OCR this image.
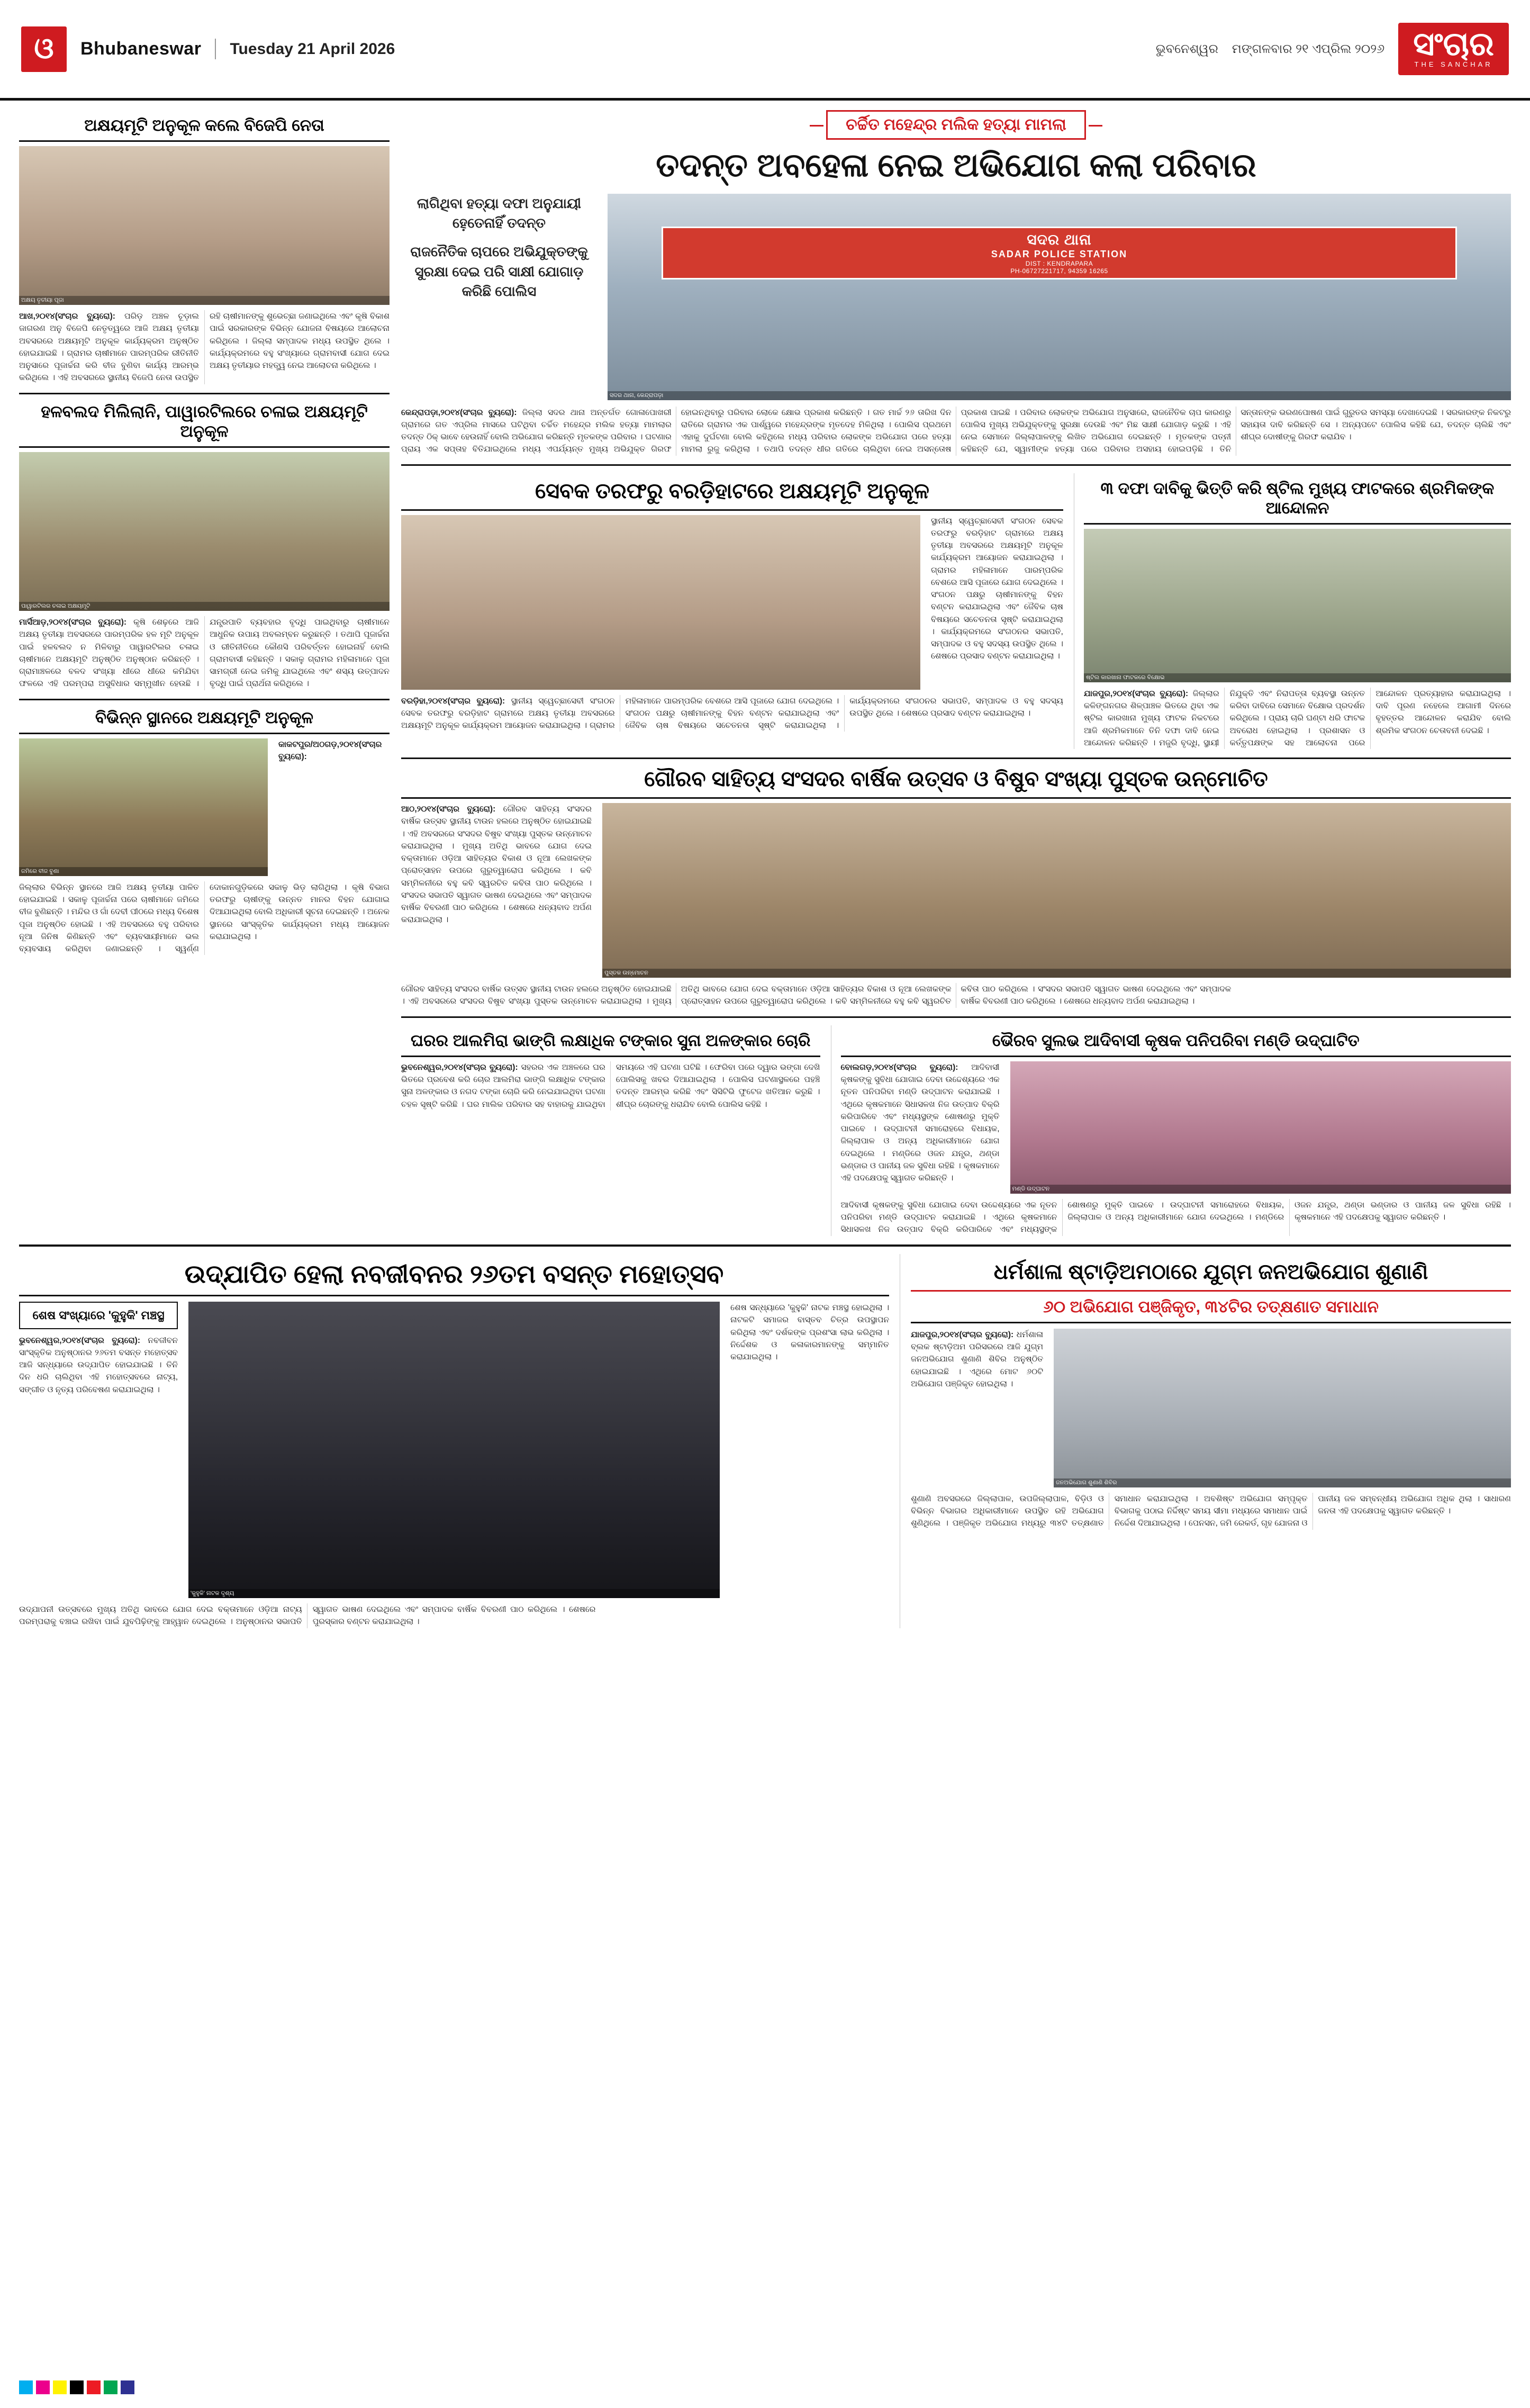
ଓ	Bhubaneswar	Tuesday 21 April 2026	ଭୁବନେଶ୍ୱର ମଙ୍ଗଳବାର ୨୧ ଏପ୍ରିଲ ୨୦୨୬ ସଂଚାର
THE SANCHAR
ଅକ୍ଷୟମୂଟି ଅନୁକୂଳ କଲେ ବିଜେପି ନେତା
ଅକ୍ଷୟ ତୃତୀୟା ପୂଜା
ଆଖ,୨୦୧୪(ସଂଚାର ବ୍ୟୁରୋ): ପରିଡ଼ ଅଞ୍ଚଳ ଚୂଡ଼ାଲ ଜାଗରଣ ଅନୁ ବିଜେପି ନେତୃତ୍ୱରେ ଆଜି ଅକ୍ଷୟ ତୃତୀୟା ଅବସରରେ ଅକ୍ଷୟମୂଟି ଅନୁକୂଳ କାର୍ଯ୍ୟକ୍ରମ ଅନୁଷ୍ଠିତ ହୋଇଯାଇଛି । ଗ୍ରାମର ଚାଷୀମାନେ ପାରମ୍ପରିକ ରୀତିନୀତି ଅନୁସାରେ ପୂଜାର୍ଚ୍ଚନା କରି ବୀଜ ବୁଣିବା କାର୍ଯ୍ୟ ଆରମ୍ଭ କରିଥିଲେ । ଏହି ଅବସରରେ ସ୍ଥାନୀୟ ବିଜେପି ନେତା ଉପସ୍ଥିତ ରହି ଚାଷୀମାନଙ୍କୁ ଶୁଭେଚ୍ଛା ଜଣାଇଥିଲେ ଏବଂ କୃଷି ବିକାଶ ପାଇଁ ସରକାରଙ୍କ ବିଭିନ୍ନ ଯୋଜନା ବିଷୟରେ ଆଲୋଚନା କରିଥିଲେ । ଜିଲ୍ଲା ସମ୍ପାଦକ ମଧ୍ୟ ଉପସ୍ଥିତ ଥିଲେ । କାର୍ଯ୍ୟକ୍ରମରେ ବହୁ ସଂଖ୍ୟାରେ ଗ୍ରାମବାସୀ ଯୋଗ ଦେଇ ଅକ୍ଷୟ ତୃତୀୟାର ମହତ୍ତ୍ୱ ନେଇ ଆଲୋଚନା କରିଥିଲେ ।
ହଳବଲଦ ମିଲିଲାନି, ପାୱାରଟିଲରେ ଚଳାଇ ଅକ୍ଷୟମୂଟି ଅନୁକୂଳ
ପାୱାରଟିଲର ଚଳାଇ ଅକ୍ଷୟମୂଟି
ମାର୍ସିଆଡ଼,୨୦୧୪(ସଂଚାର ବ୍ୟୁରୋ): କୃଷି ଶେଢ଼ରେ ଆଜି ଅକ୍ଷୟ ତୃତୀୟା ଅବସରରେ ପାରମ୍ପରିକ ହଳ ମୂଟି ଅନୁକୂଳ ପାଇଁ ହଳବଲଦ ନ ମିଳିବାରୁ ପାୱାରଟିଲର ଚଳାଇ ଚାଷୀମାନେ ଅକ୍ଷୟମୂଟି ଅନୁଷ୍ଠିତ ଅନୁଷ୍ଠାନ କରିଛନ୍ତି । ଗ୍ରାମାଞ୍ଚଳରେ ବଳଦ ସଂଖ୍ୟା ଧୀରେ ଧୀରେ କମିଯିବା ଫଳରେ ଏହି ପରମ୍ପରା ଅସୁବିଧାର ସମ୍ମୁଖୀନ ହେଉଛି । ଯନ୍ତ୍ରପାତି ବ୍ୟବହାର ବୃଦ୍ଧି ପାଇଥିବାରୁ ଚାଷୀମାନେ ଆଧୁନିକ ଉପାୟ ଅବଲମ୍ବନ କରୁଛନ୍ତି । ତଥାପି ପୂଜାର୍ଚ୍ଚନା ଓ ରୀତିନୀତିରେ କୌଣସି ପରିବର୍ତ୍ତନ ହୋଇନାହିଁ ବୋଲି ଗ୍ରାମବାସୀ କହିଛନ୍ତି । ସକାଳୁ ଗ୍ରାମର ମହିଳାମାନେ ପୂଜା ସାମଗ୍ରୀ ନେଇ ଜମିକୁ ଯାଇଥିଲେ ଏବଂ ଶସ୍ୟ ଉତ୍ପାଦନ ବୃଦ୍ଧି ପାଇଁ ପ୍ରାର୍ଥନା କରିଥିଲେ ।
ବିଭିନ୍ନ ସ୍ଥାନରେ ଅକ୍ଷୟମୂଟି ଅନୁକୂଳ
ଜମିରେ ବୀଜ ବୁଣା
କାକଟପୁର/ଅଠଗଡ଼,୨୦୧୪(ସଂଚାର ବ୍ୟୁରୋ):
ଜିଲ୍ଲାର ବିଭିନ୍ନ ସ୍ଥାନରେ ଆଜି ଅକ୍ଷୟ ତୃତୀୟା ପାଳିତ ହୋଇଯାଇଛି । ସକାଳୁ ପୂଜାର୍ଚ୍ଚନା ପରେ ଚାଷୀମାନେ ଜମିରେ ବୀଜ ବୁଣିଛନ୍ତି । ମନ୍ଦିର ଓ ଗାଁ ଦେବୀ ପୀଠରେ ମଧ୍ୟ ବିଶେଷ ପୂଜା ଅନୁଷ୍ଠିତ ହୋଇଛି । ଏହି ଅବସରରେ ବହୁ ପରିବାର ନୂଆ ଜିନିଷ କିଣିଛନ୍ତି ଏବଂ ବ୍ୟବସାୟୀମାନେ ଭଲ ବ୍ୟବସାୟ କରିଥିବା ଜଣାଇଛନ୍ତି । ସ୍ୱର୍ଣ୍ଣ ଦୋକାନଗୁଡ଼ିକରେ ସକାଳୁ ଭିଡ଼ ଲାଗିଥିଲା । କୃଷି ବିଭାଗ ତରଫରୁ ଚାଷୀଙ୍କୁ ଉନ୍ନତ ମାନର ବିହନ ଯୋଗାଇ ଦିଆଯାଇଥିଲା ବୋଲି ଅଧିକାରୀ ସୂଚନା ଦେଇଛନ୍ତି । ଅନେକ ସ୍ଥାନରେ ସାଂସ୍କୃତିକ କାର୍ଯ୍ୟକ୍ରମ ମଧ୍ୟ ଆୟୋଜନ କରାଯାଇଥିଲା ।
ଚର୍ଚ୍ଚିତ ମହେନ୍ଦ୍ର ମଲିକ ହତ୍ୟା ମାମଲା
ତଦନ୍ତ ଅବହେଳା ନେଇ ଅଭିଯୋଗ କଲା ପରିବାର
ଲାଗିଥିବା ହତ୍ୟା ଦଫା ଅନୁଯାୟୀ ହେତେ଼ନାହିଁ ତଦନ୍ତ
ରାଜନୈତିକ ଚାପରେ ଅଭିଯୁକ୍ତଙ୍କୁ ସୁରକ୍ଷା ଦେଇ ପରି ସାକ୍ଷୀ ଯୋଗାଡ଼ କରିଛି ପୋଲିସ
ସଦର ଥାନା
SADAR POLICE STATION
DIST : KENDRAPARA
PH-06727221717, 94359 16265
ସଦର ଥାନା, କେନ୍ଦ୍ରାପଡ଼ା
କେନ୍ଦ୍ରାପଡ଼ା,୨୦୧୪(ସଂଚାର ବ୍ୟୁରୋ): ଜିଲ୍ଲା ସଦର ଥାନା ଅନ୍ତର୍ଗତ ଗୋଳାପୋଖରୀ ଗ୍ରାମରେ ଗତ ଏପ୍ରିଲ ମାସରେ ଘଟିଥିବା ଚର୍ଚ୍ଚିତ ମହେନ୍ଦ୍ର ମଲିକ ହତ୍ୟା ମାମଲାର ତଦନ୍ତ ଠିକ୍ ଭାବେ ହେଉନାହିଁ ବୋଲି ଅଭିଯୋଗ କରିଛନ୍ତି ମୃତକଙ୍କ ପରିବାର । ଘଟଣାର ପ୍ରାୟ ଏକ ସପ୍ତାହ ବିତିଯାଇଥିଲେ ମଧ୍ୟ ଏପର୍ଯ୍ୟନ୍ତ ମୁଖ୍ୟ ଅଭିଯୁକ୍ତ ଗିରଫ ହୋଇନଥିବାରୁ ପରିବାର ଲୋକେ କ୍ଷୋଭ ପ୍ରକାଶ କରିଛନ୍ତି । ଗତ ମାର୍ଚ୍ଚ ୨୬ ତାରିଖ ଦିନ ରାତିରେ ଗ୍ରାମର ଏକ ପାର୍ଶ୍ୱରେ ମହେନ୍ଦ୍ରଙ୍କ ମୃତଦେହ ମିଳିଥିଲା । ପୋଲିସ ପ୍ରଥମେ ଏହାକୁ ଦୁର୍ଘଟଣା ବୋଲି କହିଥିଲେ ମଧ୍ୟ ପରିବାର ଲୋକଙ୍କ ଅଭିଯୋଗ ପରେ ହତ୍ୟା ମାମଲା ରୁଜୁ କରିଥିଲା । ତଥାପି ତଦନ୍ତ ଧୀର ଗତିରେ ଚାଲିଥିବା ନେଇ ଅସନ୍ତୋଷ ପ୍ରକାଶ ପାଇଛି । ପରିବାର ଲୋକଙ୍କ ଅଭିଯୋଗ ଅନୁସାରେ, ରାଜନୈତିକ ଚାପ କାରଣରୁ ପୋଲିସ ମୁଖ୍ୟ ଅଭିଯୁକ୍ତଙ୍କୁ ସୁରକ୍ଷା ଦେଉଛି ଏବଂ ମିଛ ସାକ୍ଷୀ ଯୋଗାଡ଼ କରୁଛି । ଏହି ନେଇ ସେମାନେ ଜିଲ୍ଲାପାଳଙ୍କୁ ଲିଖିତ ଅଭିଯୋଗ ଦେଇଛନ୍ତି । ମୃତକଙ୍କ ପତ୍ନୀ କହିଛନ୍ତି ଯେ, ସ୍ୱାମୀଙ୍କ ହତ୍ୟା ପରେ ପରିବାର ଅସହାୟ ହୋଇପଡ଼ିଛି । ତିନି ସନ୍ତାନଙ୍କ ଭରଣପୋଷଣ ପାଇଁ ଗୁରୁତର ସମସ୍ୟା ଦେଖାଦେଇଛି । ସରକାରଙ୍କ ନିକଟରୁ ସହାୟତା ଦାବି କରିଛନ୍ତି ସେ । ଅନ୍ୟପଟେ ପୋଲିସ କହିଛି ଯେ, ତଦନ୍ତ ଚାଲିଛି ଏବଂ ଶୀଘ୍ର ଦୋଷୀଙ୍କୁ ଗିରଫ କରାଯିବ ।
ସେବକ ତରଫରୁ ବରଡ଼ିହାଟରେ ଅକ୍ଷୟମୂଟି ଅନୁକୂଳ
ସ୍ଥାନୀୟ ସ୍ୱେଚ୍ଛାସେବୀ ସଂଗଠନ ସେବକ ତରଫରୁ ବରଡ଼ିହାଟ ଗ୍ରାମରେ ଅକ୍ଷୟ ତୃତୀୟା ଅବସରରେ ଅକ୍ଷୟମୂଟି ଅନୁକୂଳ କାର୍ଯ୍ୟକ୍ରମ ଆୟୋଜନ କରାଯାଇଥିଲା । ଗ୍ରାମର ମହିଳାମାନେ ପାରମ୍ପରିକ ବେଶରେ ଆସି ପୂଜାରେ ଯୋଗ ଦେଇଥିଲେ । ସଂଗଠନ ପକ୍ଷରୁ ଚାଷୀମାନଙ୍କୁ ବିହନ ବଣ୍ଟନ କରାଯାଇଥିଲା ଏବଂ ଜୈବିକ ଚାଷ ବିଷୟରେ ସଚେତନତା ସୃଷ୍ଟି କରାଯାଇଥିଲା । କାର୍ଯ୍ୟକ୍ରମରେ ସଂଗଠନର ସଭାପତି, ସମ୍ପାଦକ ଓ ବହୁ ସଦସ୍ୟ ଉପସ୍ଥିତ ଥିଲେ । ଶେଷରେ ପ୍ରସାଦ ବଣ୍ଟନ କରାଯାଇଥିଲା ।
ବରଡ଼ିହା,୨୦୧୪(ସଂଚାର ବ୍ୟୁରୋ): ସ୍ଥାନୀୟ ସ୍ୱେଚ୍ଛାସେବୀ ସଂଗଠନ ସେବକ ତରଫରୁ ବରଡ଼ିହାଟ ଗ୍ରାମରେ ଅକ୍ଷୟ ତୃତୀୟା ଅବସରରେ ଅକ୍ଷୟମୂଟି ଅନୁକୂଳ କାର୍ଯ୍ୟକ୍ରମ ଆୟୋଜନ କରାଯାଇଥିଲା । ଗ୍ରାମର ମହିଳାମାନେ ପାରମ୍ପରିକ ବେଶରେ ଆସି ପୂଜାରେ ଯୋଗ ଦେଇଥିଲେ । ସଂଗଠନ ପକ୍ଷରୁ ଚାଷୀମାନଙ୍କୁ ବିହନ ବଣ୍ଟନ କରାଯାଇଥିଲା ଏବଂ ଜୈବିକ ଚାଷ ବିଷୟରେ ସଚେତନତା ସୃଷ୍ଟି କରାଯାଇଥିଲା । କାର୍ଯ୍ୟକ୍ରମରେ ସଂଗଠନର ସଭାପତି, ସମ୍ପାଦକ ଓ ବହୁ ସଦସ୍ୟ ଉପସ୍ଥିତ ଥିଲେ । ଶେଷରେ ପ୍ରସାଦ ବଣ୍ଟନ କରାଯାଇଥିଲା ।
୩ ଦଫା ଦାବିକୁ ଭିତ୍ତି କରି ଷ୍ଟିଲ ମୁଖ୍ୟ ଫାଟକରେ ଶ୍ରମିକଙ୍କ ଆନ୍ଦୋଳନ
ଷ୍ଟିଲ କାରଖାନା ଫାଟକରେ ବିକ୍ଷୋଭ
ଯାଜପୁର,୨୦୧୪(ସଂଚାର ବ୍ୟୁରୋ): ଜିଲ୍ଲାର କଳିଙ୍ଗନଗର ଶିଳ୍ପାଞ୍ଚଳ ଭିତରେ ଥିବା ଏକ ଷ୍ଟିଲ କାରଖାନା ମୁଖ୍ୟ ଫାଟକ ନିକଟରେ ଆଜି ଶ୍ରମିକମାନେ ତିନି ଦଫା ଦାବି ନେଇ ଆନ୍ଦୋଳନ କରିଛନ୍ତି । ମଜୁରି ବୃଦ୍ଧି, ସ୍ଥାୟୀ ନିଯୁକ୍ତି ଏବଂ ନିରାପତ୍ତା ବ୍ୟବସ୍ଥା ଉନ୍ନତ କରିବା ଦାବିରେ ସେମାନେ ବିକ୍ଷୋଭ ପ୍ରଦର୍ଶନ କରିଥିଲେ । ପ୍ରାୟ ଚାରି ଘଣ୍ଟା ଧରି ଫାଟକ ଅବରୋଧ ହୋଇଥିଲା । ପ୍ରଶାସନ ଓ କର୍ତ୍ତୃପକ୍ଷଙ୍କ ସହ ଆଲୋଚନା ପରେ ଆନ୍ଦୋଳନ ପ୍ରତ୍ୟାହାର କରାଯାଇଥିଲା । ଦାବି ପୂରଣ ନହେଲେ ଆଗାମୀ ଦିନରେ ବୃହତ୍ତର ଆନ୍ଦୋଳନ କରାଯିବ ବୋଲି ଶ୍ରମିକ ସଂଗଠନ ଚେତାବନୀ ଦେଇଛି ।
ଗୌରବ ସାହିତ୍ୟ ସଂସଦର ବାର୍ଷିକ ଉତ୍ସବ ଓ ବିଷୁବ ସଂଖ୍ୟା ପୁସ୍ତକ ଉନ୍ମୋଚିତ
ଆଠ,୨୦୧୪(ସଂଚାର ବ୍ୟୁରୋ): ଗୌରବ ସାହିତ୍ୟ ସଂସଦର ବାର୍ଷିକ ଉତ୍ସବ ସ୍ଥାନୀୟ ଟାଉନ ହଲରେ ଅନୁଷ୍ଠିତ ହୋଇଯାଇଛି । ଏହି ଅବସରରେ ସଂସଦର ବିଷୁବ ସଂଖ୍ୟା ପୁସ୍ତକ ଉନ୍ମୋଚନ କରାଯାଇଥିଲା । ମୁଖ୍ୟ ଅତିଥି ଭାବରେ ଯୋଗ ଦେଇ ବକ୍ତାମାନେ ଓଡ଼ିଆ ସାହିତ୍ୟର ବିକାଶ ଓ ନୂଆ ଲେଖକଙ୍କ ପ୍ରୋତ୍ସାହନ ଉପରେ ଗୁରୁତ୍ୱାରୋପ କରିଥିଲେ । କବି ସମ୍ମିଳନୀରେ ବହୁ କବି ସ୍ୱରଚିତ କବିତା ପାଠ କରିଥିଲେ । ସଂସଦର ସଭାପତି ସ୍ୱାଗତ ଭାଷଣ ଦେଇଥିଲେ ଏବଂ ସମ୍ପାଦକ ବାର୍ଷିକ ବିବରଣୀ ପାଠ କରିଥିଲେ । ଶେଷରେ ଧନ୍ୟବାଦ ଅର୍ପଣ କରାଯାଇଥିଲା ।
ପୁସ୍ତକ ଉନ୍ମୋଚନ
ଗୌରବ ସାହିତ୍ୟ ସଂସଦର ବାର୍ଷିକ ଉତ୍ସବ ସ୍ଥାନୀୟ ଟାଉନ ହଲରେ ଅନୁଷ୍ଠିତ ହୋଇଯାଇଛି । ଏହି ଅବସରରେ ସଂସଦର ବିଷୁବ ସଂଖ୍ୟା ପୁସ୍ତକ ଉନ୍ମୋଚନ କରାଯାଇଥିଲା । ମୁଖ୍ୟ ଅତିଥି ଭାବରେ ଯୋଗ ଦେଇ ବକ୍ତାମାନେ ଓଡ଼ିଆ ସାହିତ୍ୟର ବିକାଶ ଓ ନୂଆ ଲେଖକଙ୍କ ପ୍ରୋତ୍ସାହନ ଉପରେ ଗୁରୁତ୍ୱାରୋପ କରିଥିଲେ । କବି ସମ୍ମିଳନୀରେ ବହୁ କବି ସ୍ୱରଚିତ କବିତା ପାଠ କରିଥିଲେ । ସଂସଦର ସଭାପତି ସ୍ୱାଗତ ଭାଷଣ ଦେଇଥିଲେ ଏବଂ ସମ୍ପାଦକ ବାର୍ଷିକ ବିବରଣୀ ପାଠ କରିଥିଲେ । ଶେଷରେ ଧନ୍ୟବାଦ ଅର୍ପଣ କରାଯାଇଥିଲା ।
ଘରର ଆଲମିରା ଭାଙ୍ଗି ଲକ୍ଷାଧିକ ଟଙ୍କାର ସୁନା ଅଳଙ୍କାର ଚୋରି
ଭୁବନେଶ୍ୱର,୨୦୧୪(ସଂଚାର ବ୍ୟୁରୋ): ସହରର ଏକ ଅଞ୍ଚଳରେ ଘର ଭିତରେ ପ୍ରବେଶ କରି ଚୋର ଆଲମିରା ଭାଙ୍ଗି ଲକ୍ଷାଧିକ ଟଙ୍କାର ସୁନା ଅଳଙ୍କାର ଓ ନଗଦ ଟଙ୍କା ଚୋରି କରି ନେଇଯାଇଥିବା ଘଟଣା ଚହଳ ସୃଷ୍ଟି କରିଛି । ଘର ମାଲିକ ପରିବାର ସହ ବାହାରକୁ ଯାଇଥିବା ସମୟରେ ଏହି ଘଟଣା ଘଟିଛି । ଫେରିବା ପରେ ଦ୍ୱାର ଭଙ୍ଗା ଦେଖି ପୋଲିସକୁ ଖବର ଦିଆଯାଇଥିଲା । ପୋଲିସ ଘଟଣାସ୍ଥଳରେ ପହଞ୍ଚି ତଦନ୍ତ ଆରମ୍ଭ କରିଛି ଏବଂ ସିସିଟିଭି ଫୁଟେଜ ଖତିଆନ କରୁଛି । ଶୀଘ୍ର ଚୋରଙ୍କୁ ଧରାଯିବ ବୋଲି ପୋଲିସ କହିଛି ।
ଭୈରବ ସୁଲଭ ଆଦିବାସୀ କୃଷକ ପନିପରିବା ମଣ୍ଡି ଉଦ୍‌ଘାଟିତ
ବୋଲଗଡ଼,୨୦୧୪(ସଂଚାର ବ୍ୟୁରୋ): ଆଦିବାସୀ କୃଷକଙ୍କୁ ସୁବିଧା ଯୋଗାଇ ଦେବା ଉଦ୍ଦେଶ୍ୟରେ ଏକ ନୂତନ ପନିପରିବା ମଣ୍ଡି ଉଦ୍‌ଘାଟନ କରାଯାଇଛି । ଏଥିରେ କୃଷକମାନେ ସିଧାସଳଖ ନିଜ ଉତ୍ପାଦ ବିକ୍ରି କରିପାରିବେ ଏବଂ ମଧ୍ୟସ୍ଥଙ୍କ ଶୋଷଣରୁ ମୁକ୍ତି ପାଇବେ । ଉଦ୍‌ଘାଟନୀ ସମାରୋହରେ ବିଧାୟକ, ଜିଲ୍ଲାପାଳ ଓ ଅନ୍ୟ ଅଧିକାରୀମାନେ ଯୋଗ ଦେଇଥିଲେ । ମଣ୍ଡିରେ ଓଜନ ଯନ୍ତ୍ର, ଥଣ୍ଡା ଭଣ୍ଡାର ଓ ପାନୀୟ ଜଳ ସୁବିଧା ରହିଛି । କୃଷକମାନେ ଏହି ପଦକ୍ଷେପକୁ ସ୍ୱାଗତ କରିଛନ୍ତି ।
ମଣ୍ଡି ଉଦ୍‌ଘାଟନ
ଆଦିବାସୀ କୃଷକଙ୍କୁ ସୁବିଧା ଯୋଗାଇ ଦେବା ଉଦ୍ଦେଶ୍ୟରେ ଏକ ନୂତନ ପନିପରିବା ମଣ୍ଡି ଉଦ୍‌ଘାଟନ କରାଯାଇଛି । ଏଥିରେ କୃଷକମାନେ ସିଧାସଳଖ ନିଜ ଉତ୍ପାଦ ବିକ୍ରି କରିପାରିବେ ଏବଂ ମଧ୍ୟସ୍ଥଙ୍କ ଶୋଷଣରୁ ମୁକ୍ତି ପାଇବେ । ଉଦ୍‌ଘାଟନୀ ସମାରୋହରେ ବିଧାୟକ, ଜିଲ୍ଲାପାଳ ଓ ଅନ୍ୟ ଅଧିକାରୀମାନେ ଯୋଗ ଦେଇଥିଲେ । ମଣ୍ଡିରେ ଓଜନ ଯନ୍ତ୍ର, ଥଣ୍ଡା ଭଣ୍ଡାର ଓ ପାନୀୟ ଜଳ ସୁବିଧା ରହିଛି । କୃଷକମାନେ ଏହି ପଦକ୍ଷେପକୁ ସ୍ୱାଗତ କରିଛନ୍ତି ।
ଉଦ୍‌ଯାପିତ ହେଲା ନବଜୀବନର ୨୬ତମ ବସନ୍ତ ମହୋତ୍ସବ
ଶେଷ ସଂଖ୍ୟାରେ 'କୁହୁକି' ମଞ୍ଚସ୍ଥ
ଭୁବନେଶ୍ୱର,୨୦୧୪(ସଂଚାର ବ୍ୟୁରୋ): ନବଜୀବନ ସାଂସ୍କୃତିକ ଅନୁଷ୍ଠାନର ୨୬ତମ ବସନ୍ତ ମହୋତ୍ସବ ଆଜି ସନ୍ଧ୍ୟାରେ ଉଦ୍‌ଯାପିତ ହୋଇଯାଇଛି । ତିନି ଦିନ ଧରି ଚାଲିଥିବା ଏହି ମହୋତ୍ସବରେ ନାଟ୍ୟ, ସଙ୍ଗୀତ ଓ ନୃତ୍ୟ ପରିବେଷଣ କରାଯାଇଥିଲା ।
'କୁହୁକି' ନାଟକ ଦୃଶ୍ୟ
ଶେଷ ସନ୍ଧ୍ୟାରେ 'କୁହୁକି' ନାଟକ ମଞ୍ଚସ୍ଥ ହୋଇଥିଲା । ନାଟକଟି ସମାଜର ବାସ୍ତବ ଚିତ୍ର ଉପସ୍ଥାପନ କରିଥିଲା ଏବଂ ଦର୍ଶକଙ୍କ ପ୍ରଶଂସା ଲାଭ କରିଥିଲା । ନିର୍ଦ୍ଦେଶକ ଓ କଳାକାରମାନଙ୍କୁ ସମ୍ମାନିତ କରାଯାଇଥିଲା ।
ଉଦ୍‌ଯାପନୀ ଉତ୍ସବରେ ମୁଖ୍ୟ ଅତିଥି ଭାବରେ ଯୋଗ ଦେଇ ବକ୍ତାମାନେ ଓଡ଼ିଆ ନାଟ୍ୟ ପରମ୍ପରାକୁ ବଞ୍ଚାଇ ରଖିବା ପାଇଁ ଯୁବପିଢ଼ିଙ୍କୁ ଆହ୍ୱାନ ଦେଇଥିଲେ । ଅନୁଷ୍ଠାନର ସଭାପତି ସ୍ୱାଗତ ଭାଷଣ ଦେଇଥିଲେ ଏବଂ ସମ୍ପାଦକ ବାର୍ଷିକ ବିବରଣୀ ପାଠ କରିଥିଲେ । ଶେଷରେ ପୁରସ୍କାର ବଣ୍ଟନ କରାଯାଇଥିଲା ।
ଧର୍ମଶାଳା ଷ୍ଟାଡ଼ିଅମଠାରେ ଯୁଗ୍ମ ଜନଅଭିଯୋଗ ଶୁଣାଣି
୬୦ ଅଭିଯୋଗ ପଞ୍ଜିକୃତ, ୩୪ଟିର ତତ୍‌କ୍ଷଣାତ ସମାଧାନ
ଯାଜପୁର,୨୦୧୪(ସଂଚାର ବ୍ୟୁରୋ): ଧର୍ମଶାଳା ବ୍ଲକ ଷ୍ଟାଡ଼ିଅମ ପରିସରରେ ଆଜି ଯୁଗ୍ମ ଜନଅଭିଯୋଗ ଶୁଣାଣି ଶିବିର ଅନୁଷ୍ଠିତ ହୋଇଯାଇଛି । ଏଥିରେ ମୋଟ ୬୦ଟି ଅଭିଯୋଗ ପଞ୍ଜିକୃତ ହୋଇଥିଲା ।
ଜନଅଭିଯୋଗ ଶୁଣାଣି ଶିବିର
ଶୁଣାଣି ଅବସରରେ ଜିଲ୍ଲାପାଳ, ଉପଜିଲ୍ଲାପାଳ, ବିଡ଼ିଓ ଓ ବିଭିନ୍ନ ବିଭାଗର ଅଧିକାରୀମାନେ ଉପସ୍ଥିତ ରହି ଅଭିଯୋଗ ଶୁଣିଥିଲେ । ପଞ୍ଜିକୃତ ଅଭିଯୋଗ ମଧ୍ୟରୁ ୩୪ଟି ତତ୍‌କ୍ଷଣାତ ସମାଧାନ କରାଯାଇଥିଲା । ଅବଶିଷ୍ଟ ଅଭିଯୋଗ ସମ୍ପୃକ୍ତ ବିଭାଗକୁ ପଠାଇ ନିର୍ଦ୍ଦିଷ୍ଟ ସମୟ ସୀମା ମଧ୍ୟରେ ସମାଧାନ ପାଇଁ ନିର୍ଦ୍ଦେଶ ଦିଆଯାଇଥିଲା । ପେନସନ, ଜମି ରେକର୍ଡ, ଗୃହ ଯୋଜନା ଓ ପାନୀୟ ଜଳ ସମ୍ବନ୍ଧୀୟ ଅଭିଯୋଗ ଅଧିକ ଥିଲା । ସାଧାରଣ ଜନତା ଏହି ପଦକ୍ଷେପକୁ ସ୍ୱାଗତ କରିଛନ୍ତି ।
